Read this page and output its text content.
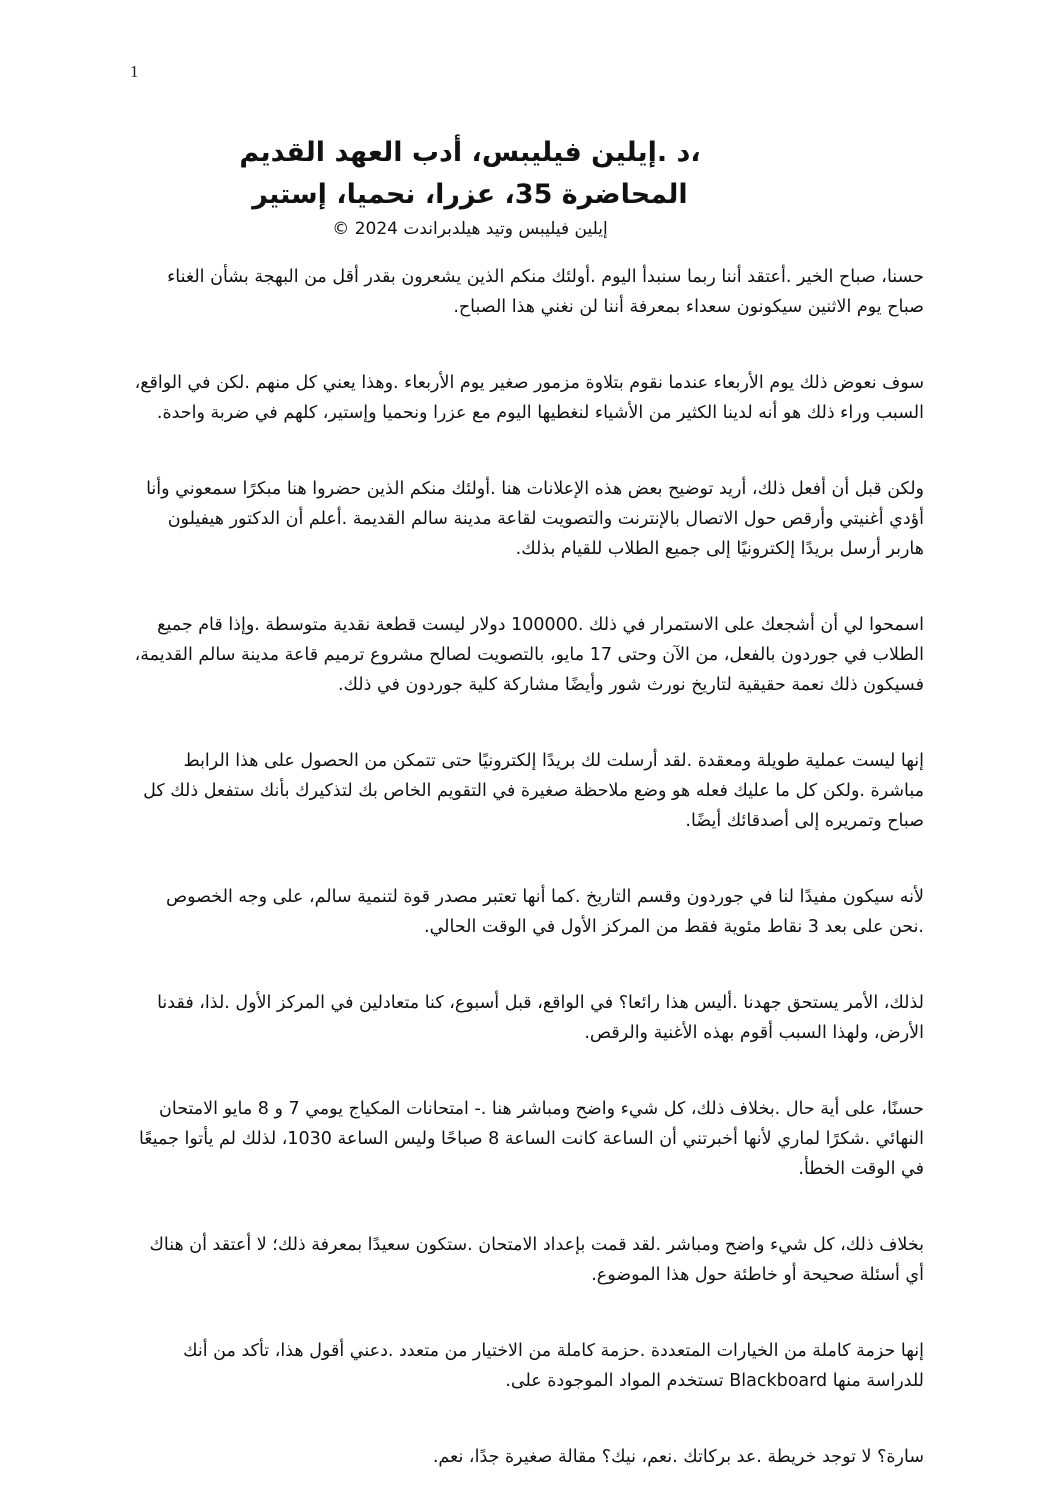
1

،د .إيلين فيليبس، أدب العهد القديم

المحاضرة 35، عزرا، نحميا، إستير

إيلين فيليبس وتيد هيلدبراندت 2024 ©

حسنا، صباح الخير .أعتقد أننا ربما سنبدأ اليوم .أولئك منكم الذين يشعرون بقدر أقل من البهجة بشأن الغناء صباح يوم الاثنين سيكونون سعداء بمعرفة أننا لن نغني هذا الصباح.

سوف نعوض ذلك يوم الأربعاء عندما نقوم بتلاوة مزمور صغير يوم الأربعاء .وهذا يعني كل منهم .لكن في الواقع، السبب وراء ذلك هو أنه لدينا الكثير من الأشياء لنغطيها اليوم مع عزرا ونحميا وإستير، كلهم في ضربة واحدة.

ولكن قبل أن أفعل ذلك، أريد توضيح بعض هذه الإعلانات هنا .أولئك منكم الذين حضروا هنا مبكرًا سمعوني وأنا أؤدي أغنيتي وأرقص حول الاتصال بالإنترنت والتصويت لقاعة مدينة سالم القديمة .أعلم أن الدكتور هيفيلون هاربر أرسل بريدًا إلكترونيًا إلى جميع الطلاب للقيام بذلك.

اسمحوا لي أن أشجعك على الاستمرار في ذلك .100000 دولار ليست قطعة نقدية متوسطة .وإذا قام جميع الطلاب في جوردون بالفعل، من الآن وحتى 17 مايو، بالتصويت لصالح مشروع ترميم قاعة مدينة سالم القديمة، فسيكون ذلك نعمة حقيقية لتاريخ نورث شور وأيضًا مشاركة كلية جوردون في ذلك.

إنها ليست عملية طويلة ومعقدة .لقد أرسلت لك بريدًا إلكترونيًا حتى تتمكن من الحصول على هذا الرابط مباشرة .ولكن كل ما عليك فعله هو وضع ملاحظة صغيرة في التقويم الخاص بك لتذكيرك بأنك ستفعل ذلك كل صباح وتمريره إلى أصدقائك أيضًا.

لأنه سيكون مفيدًا لنا في جوردون وقسم التاريخ .كما أنها تعتبر مصدر قوة لتنمية سالم، على وجه الخصوص .نحن على بعد 3 نقاط مئوية فقط من المركز الأول في الوقت الحالي.

لذلك، الأمر يستحق جهدنا .أليس هذا رائعا؟ في الواقع، قبل أسبوع، كنا متعادلين في المركز الأول .لذا، فقدنا الأرض، ولهذا السبب أقوم بهذه الأغنية والرقص.

حسنًا، على أية حال .بخلاف ذلك، كل شيء واضح ومباشر هنا .- امتحانات المكياج يومي 7 و 8 مايو الامتحان النهائي .شكرًا لماري لأنها أخبرتني أن الساعة كانت الساعة 8 صباحًا وليس الساعة 1030، لذلك لم يأتوا جميعًا في الوقت الخطأ.

بخلاف ذلك، كل شيء واضح ومباشر .لقد قمت بإعداد الامتحان .ستكون سعيدًا بمعرفة ذلك؛ لا أعتقد أن هناك أي أسئلة صحيحة أو خاطئة حول هذا الموضوع.

إنها حزمة كاملة من الخيارات المتعددة .حزمة كاملة من الاختيار من متعدد .دعني أقول هذا، تأكد من أنك للدراسة منها Blackboard تستخدم المواد الموجودة على.

سارة؟ لا توجد خريطة .عد بركاتك .نعم، نيك؟ مقالة صغيرة جدًا، نعم.
